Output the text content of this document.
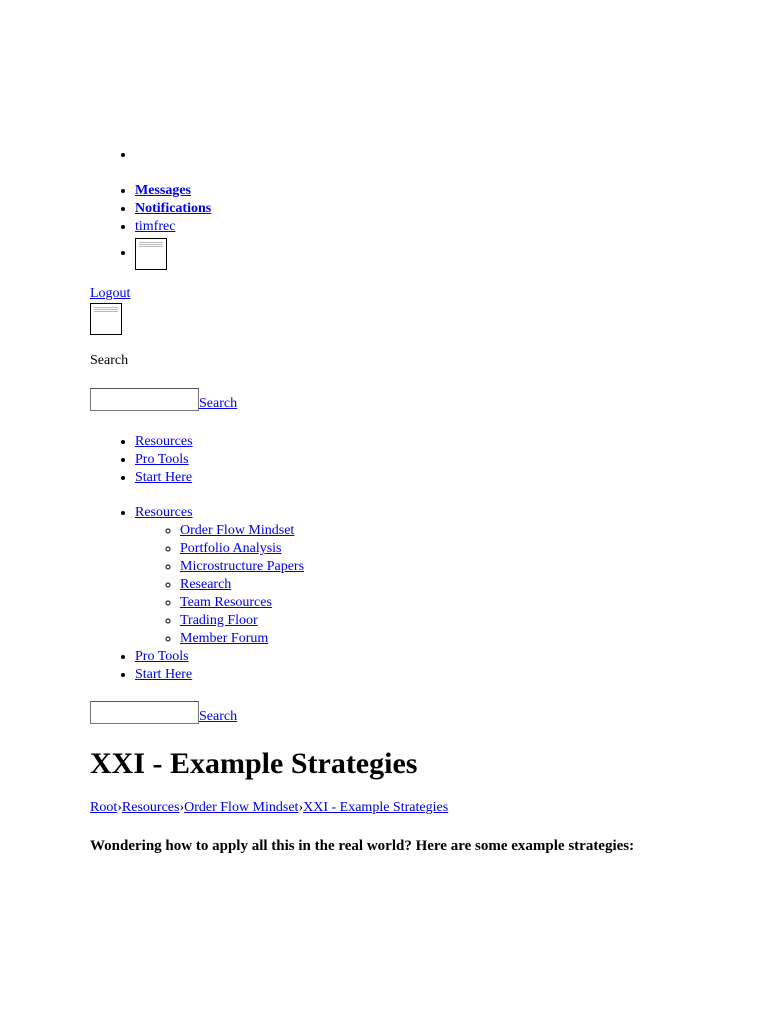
• Messages
• Notifications
• timfrec
•
Logout

Search
Search
• Resources
• Pro Tools
• Start Here
• Resources
◦ Order Flow Mindset
◦ Portfolio Analysis
◦ Microstructure Papers
◦ Research
◦ Team Resources
◦ Trading Floor
◦ Member Forum
• Pro Tools
• Start Here
Search
XXI - Example Strategies
Root›Resources›Order Flow Mindset›XXI - Example Strategies

Wondering how to apply all this in the real world? Here are some example strategies:
